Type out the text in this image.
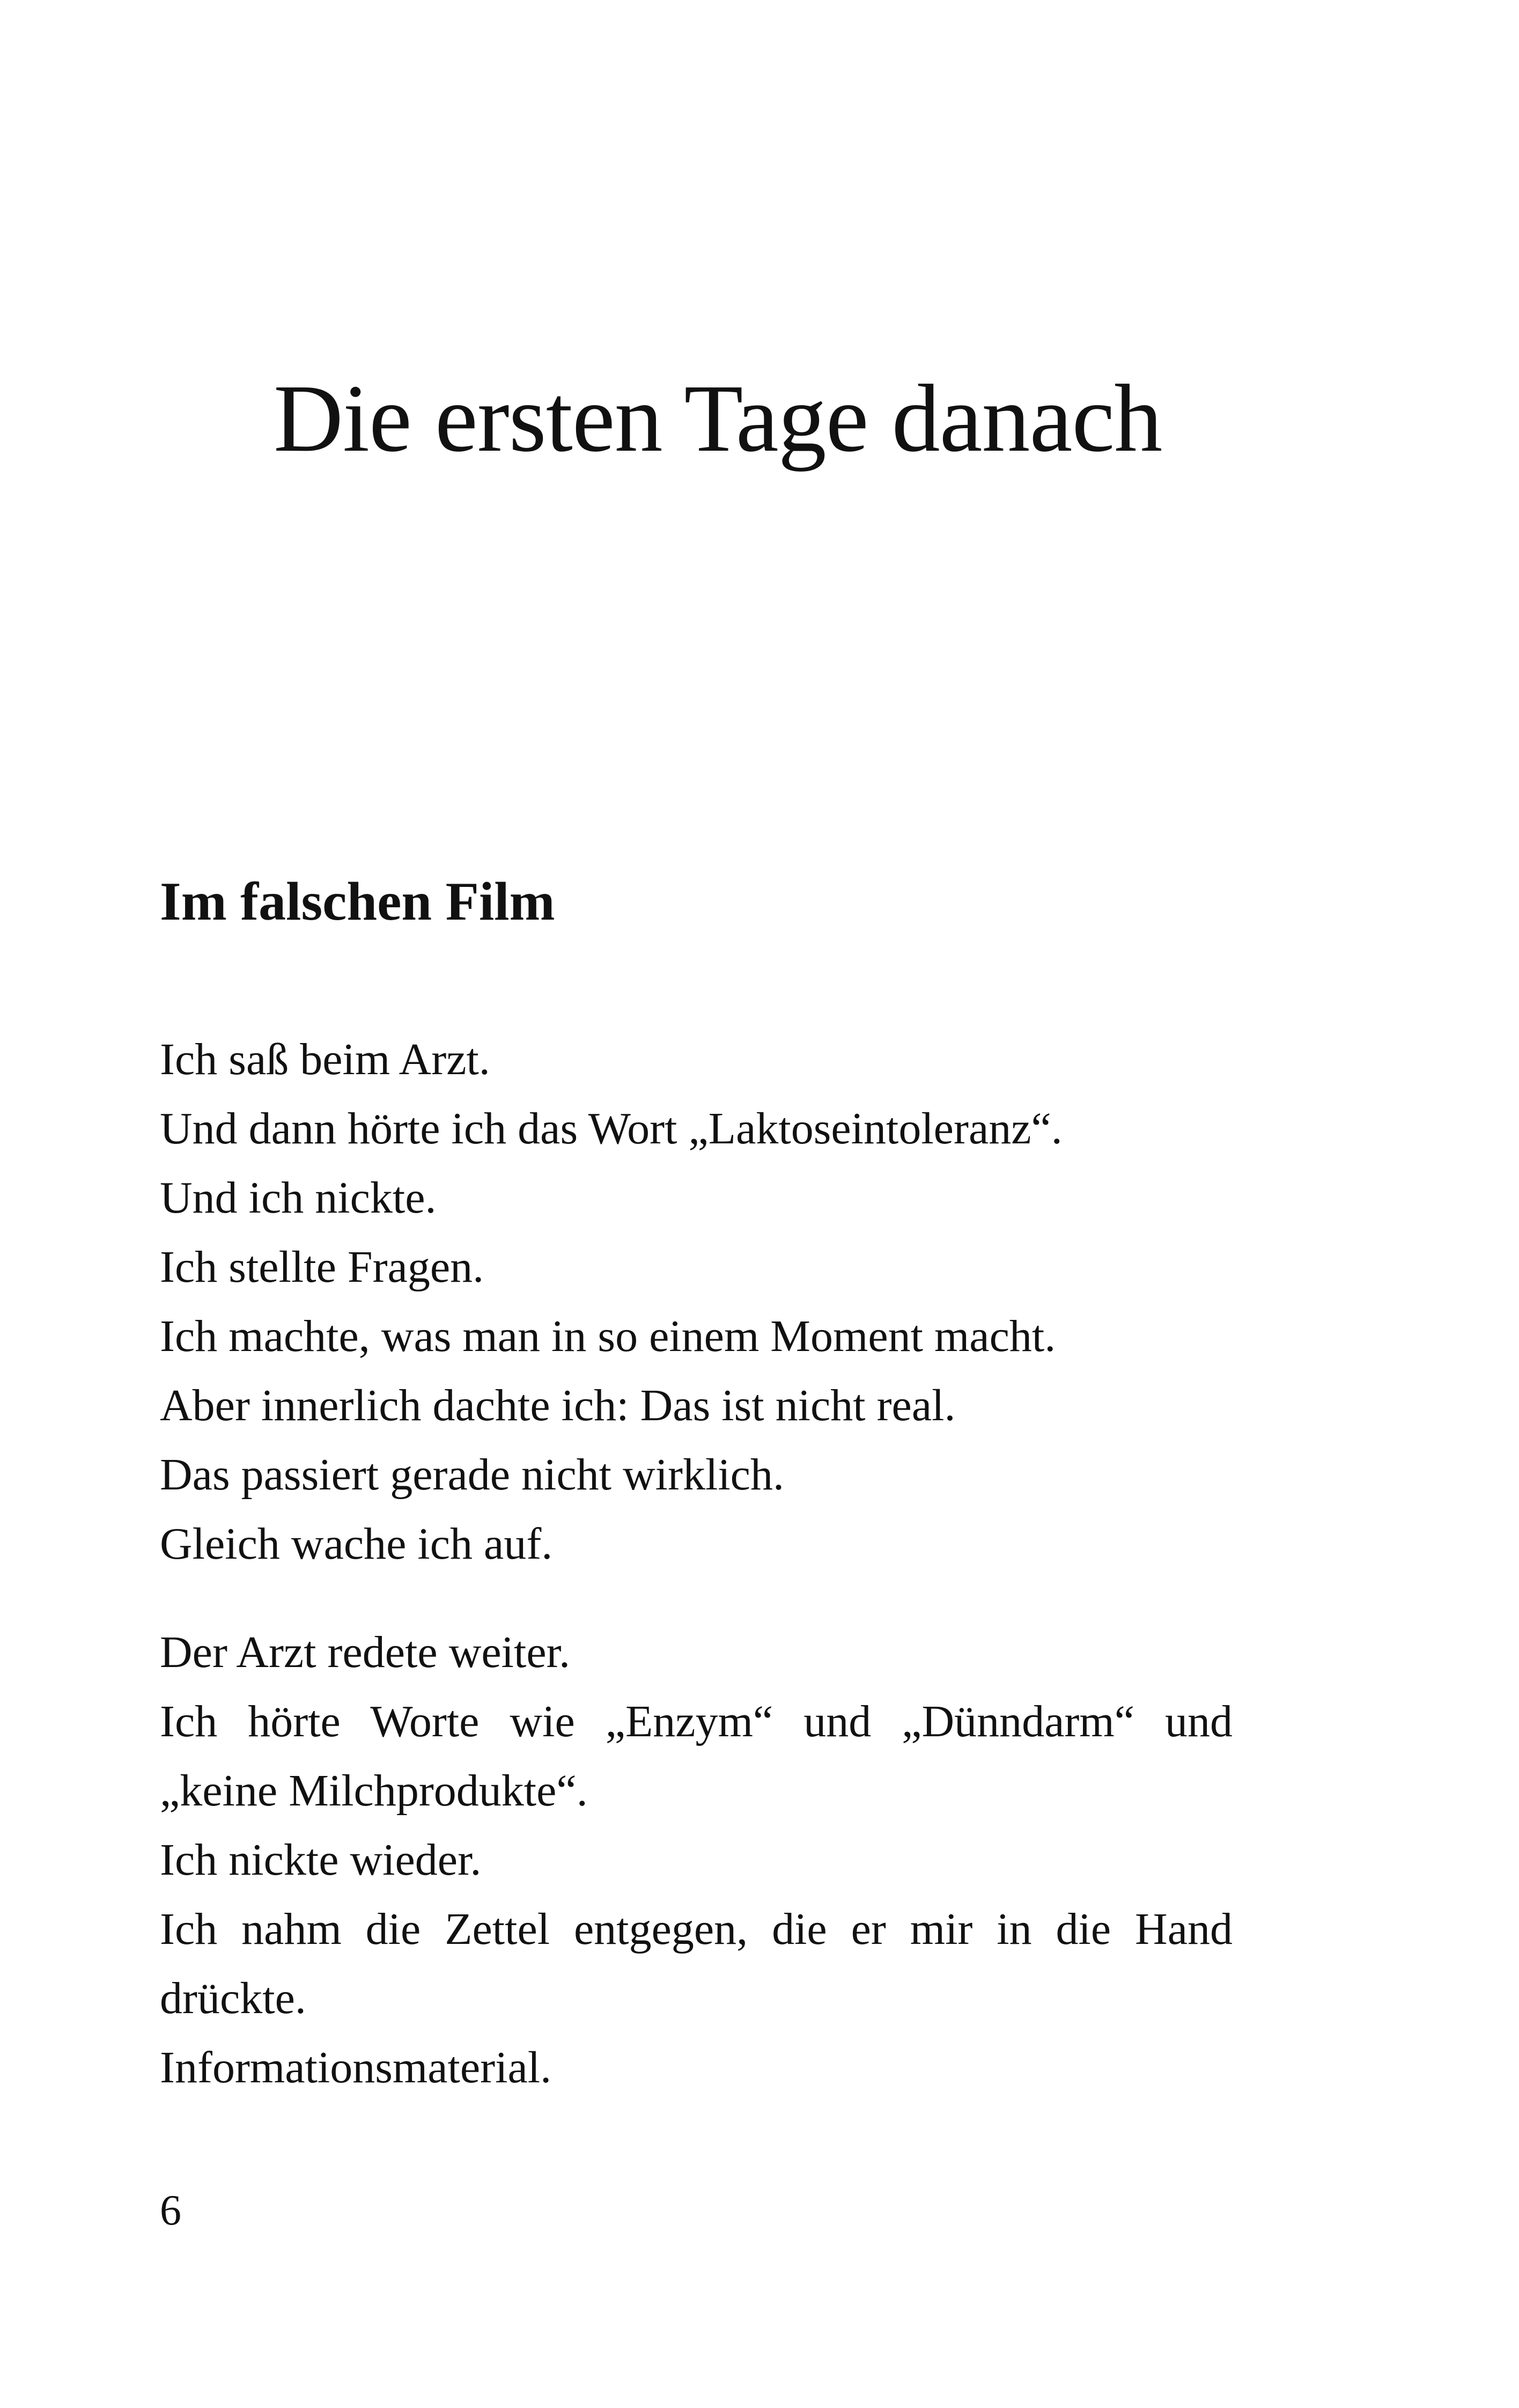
Die ersten Tage danach
Im falschen Film
Ich saß beim Arzt.
Und dann hörte ich das Wort „Laktoseintoleranz“.
Und ich nickte.
Ich stellte Fragen.
Ich machte, was man in so einem Moment macht.
Aber innerlich dachte ich: Das ist nicht real.
Das passiert gerade nicht wirklich.
Gleich wache ich auf.
Der Arzt redete weiter.
Ich hörte Worte wie „Enzym“ und „Dünndarm“ und
„keine Milchprodukte“.
Ich nickte wieder.
Ich nahm die Zettel entgegen, die er mir in die Hand
drückte.
Informationsmaterial.
6
